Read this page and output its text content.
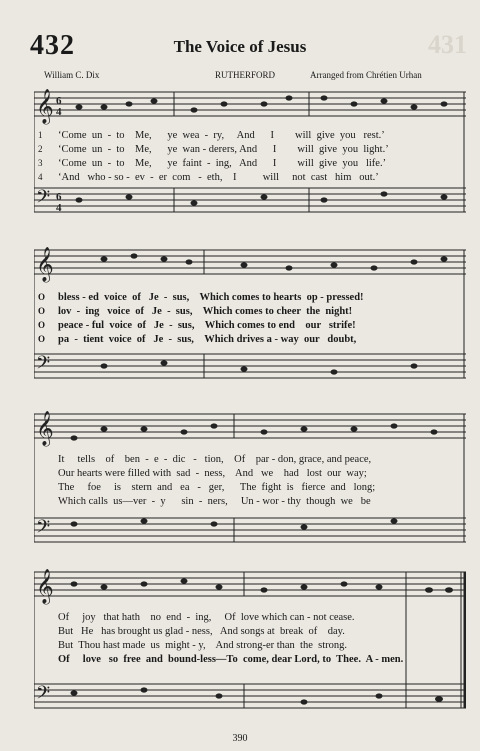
432	The Voice of Jesus	431
William C. Dix	RUTHERFORD	Arranged from Chrétien Urhan
𝄞 6
4
𝄢 6
4
1 ‘Come  un  -  to    Me,      ye  wea  -  ry,     And      I        will  give  you   rest.’
2 ‘Come  un  -  to    Me,      ye  wan - derers, And      I        will  give  you  light.’
3 ‘Come  un  -  to    Me,      ye  faint  -  ing,   And      I        will  give  you   life.’
4 ‘And   who - so -  ev  -  er  com   -  eth,    I          will     not  cast   him   out.’
𝄞
𝄢
O bless - ed  voice  of   Je  -  sus,    Which comes to hearts  op - pressed!
O lov  -  ing   voice  of   Je  -  sus,    Which comes to cheer  the  night!
O peace - ful  voice  of   Je  -  sus,    Which comes to end    our   strife!
O pa  -  tient  voice  of   Je  -  sus,    Which drives a - way  our   doubt,
𝄞
𝄢
It     tells    of    ben  -  e  -  dic   -   tion,    Of    par - don, grace, and peace,
Our hearts were filled with  sad  -  ness,    And   we    had   lost  our  way;
The     foe     is    stern  and   ea   -   ger,      The  fight  is   fierce  and   long;
Which calls  us—ver  -  y      sin  -  ners,     Un - wor - thy  though  we   be
𝄞
𝄢
Of     joy   that hath    no  end  -  ing,     Of  love which can - not cease.
But   He   has brought us glad - ness,   And songs at  break  of    day.
But  Thou hast made  us  might - y,    And strong-er than  the  strong.
Of     love   so  free  and  bound-less—To  come, dear Lord, to  Thee.  A - men.
390
